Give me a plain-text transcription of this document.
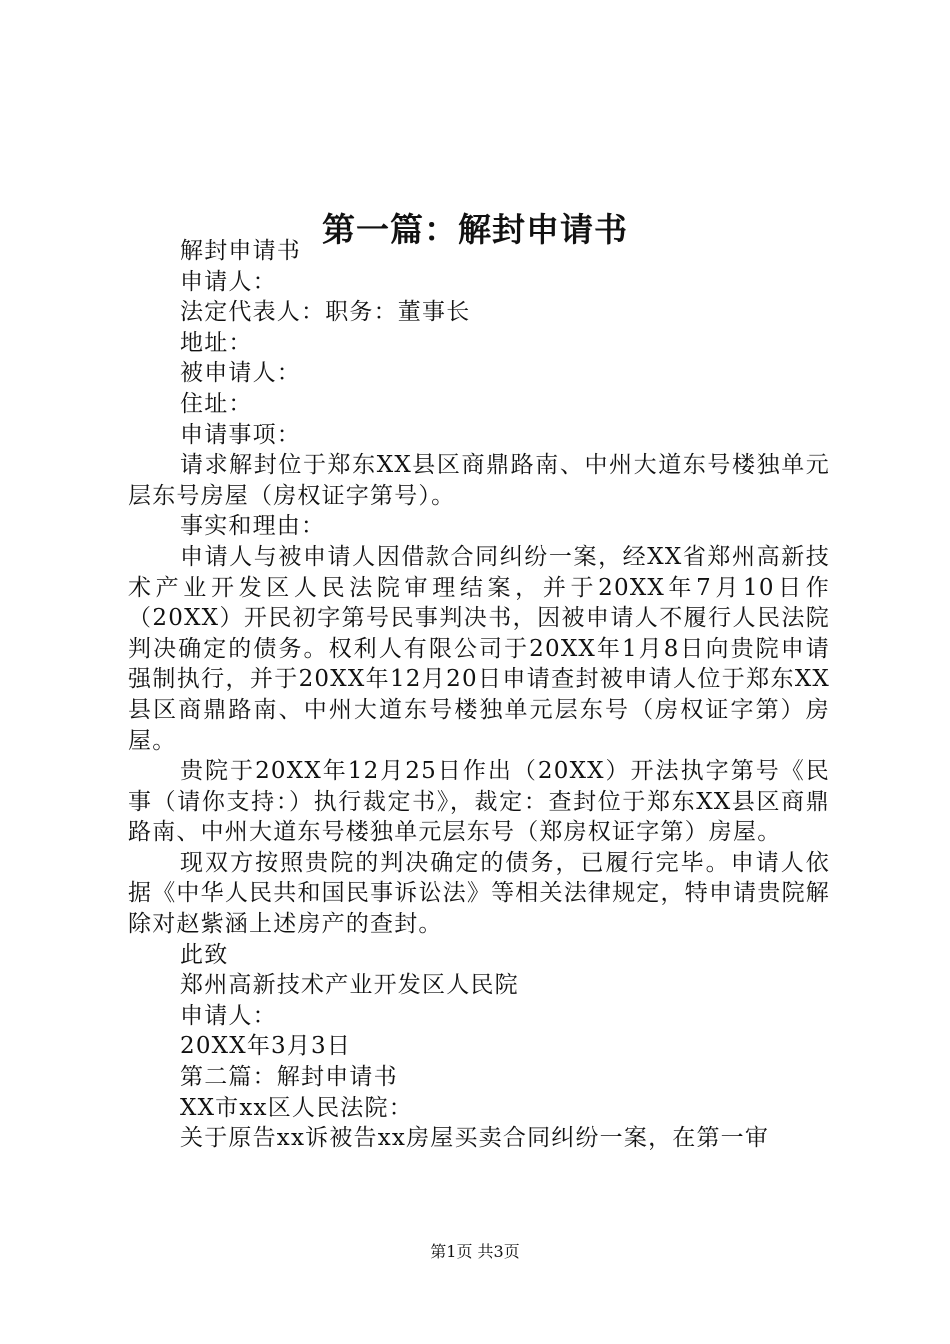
第一篇：解封申请书

解封申请书

申请人：

法定代表人：职务：董事长

地址：

被申请人：

住址：

申请事项：

请求解封位于郑东XX县区商鼎路南、中州大道东号楼独单元层东号房屋（房权证字第号）。

事实和理由：

申请人与被申请人因借款合同纠纷一案，经XX省郑州高新技术产业开发区人民法院审理结案，并于20XX年7月10日作（20XX）开民初字第号民事判决书，因被申请人不履行人民法院判决确定的债务。权利人有限公司于20XX年1月8日向贵院申请强制执行，并于20XX年12月20日申请查封被申请人位于郑东XX县区商鼎路南、中州大道东号楼独单元层东号（房权证字第）房屋。

贵院于20XX年12月25日作出（20XX）开法执字第号《民事（请你支持：）执行裁定书》，裁定：查封位于郑东XX县区商鼎路南、中州大道东号楼独单元层东号（郑房权证字第）房屋。

现双方按照贵院的判决确定的债务，已履行完毕。申请人依据《中华人民共和国民事诉讼法》等相关法律规定，特申请贵院解除对赵紫涵上述房产的查封。

此致

郑州高新技术产业开发区人民院

申请人：

20XX年3月3日

第二篇：解封申请书

XX市xx区人民法院：

关于原告xx诉被告xx房屋买卖合同纠纷一案，在第一审

第1页 共3页
